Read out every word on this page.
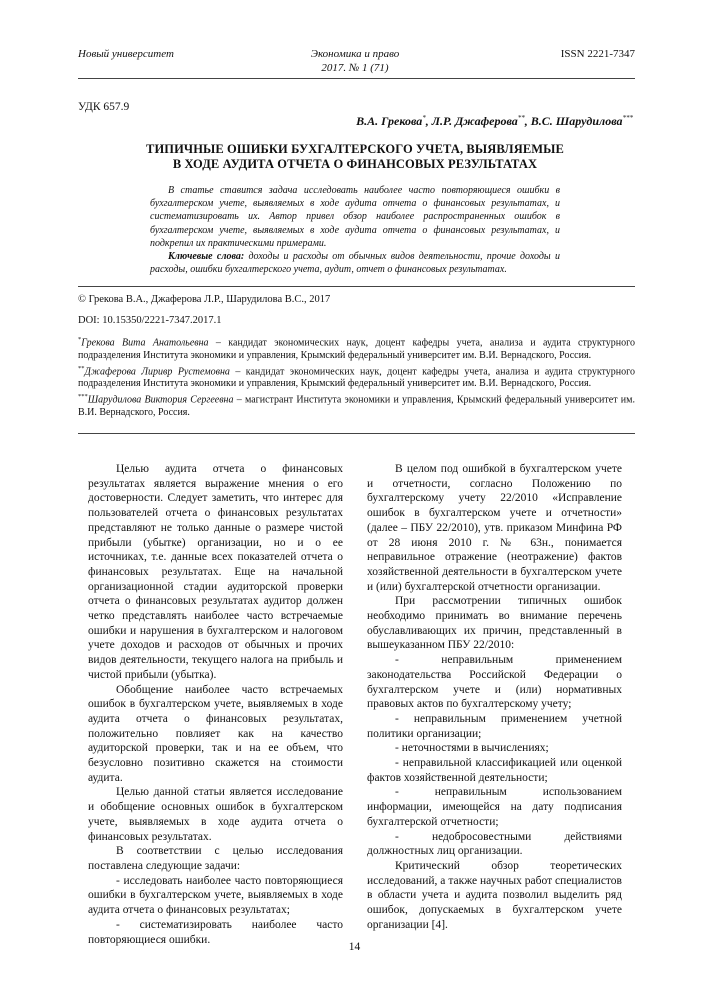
Новый университет	Экономика и право
2017. № 1 (71)
ISSN 2221-7347
УДК 657.9
В.А. Грекова*, Л.Р. Джаферова**, В.С. Шарудилова***
ТИПИЧНЫЕ ОШИБКИ БУХГАЛТЕРСКОГО УЧЕТА, ВЫЯВЛЯЕМЫЕ
В ХОДЕ АУДИТА ОТЧЕТА О ФИНАНСОВЫХ РЕЗУЛЬТАТАХ

В статье ставится задача исследовать наиболее часто повторяющиеся ошибки в бухгалтерском учете, выявляемых в ходе аудита отчета о финансовых результатах, и систематизировать их. Автор привел обзор наиболее распространенных ошибок в бухгалтерском учете, выявляемых в ходе аудита отчета о финансовых результатах, и подкрепил их практическими примерами.

Ключевые слова: доходы и расходы от обычных видов деятельности, прочие доходы и расходы, ошибки бухгалтерского учета, аудит, отчет о финансовых результатах.

© Грекова В.А., Джаферова Л.Р., Шарудилова В.С., 2017
DOI: 10.15350/2221-7347.2017.1

*Грекова Вита Анатольевна – кандидат экономических наук, доцент кафедры учета, анализа и аудита структурного подразделения Института экономики и управления, Крымский федеральный университет им. В.И. Вернадского, Россия.

**Джаферова Лиривр Рустемовна – кандидат экономических наук, доцент кафедры учета, анализа и аудита структурного подразделения Института экономики и управления, Крымский федеральный университет им. В.И. Вернадского, Россия.

***Шарудилова Виктория Сергеевна – магистрант Института экономики и управления, Крымский федеральный университет им. В.И. Вернадского, Россия.

Целью аудита отчета о финансовых результатах является выражение мнения о его достоверности. Следует заметить, что интерес для пользователей отчета о финансовых результатах представляют не только данные о размере чистой прибыли (убытке) организации, но и о ее источниках, т.е. данные всех показателей отчета о финансовых результатах. Еще на начальной организационной стадии аудиторской проверки отчета о финансовых результатах аудитор должен четко представлять наиболее часто встречаемые ошибки и нарушения в бухгалтерском и налоговом учете доходов и расходов от обычных и прочих видов деятельности, текущего налога на прибыль и чистой прибыли (убытка).

Обобщение наиболее часто встречаемых ошибок в бухгалтерском учете, выявляемых в ходе аудита отчета о финансовых результатах, положительно повлияет как на качество аудиторской проверки, так и на ее объем, что безусловно позитивно скажется на стоимости аудита.

Целью данной статьи является исследование и обобщение основных ошибок в бухгалтерском учете, выявляемых в ходе аудита отчета о финансовых результатах.

В соответствии с целью исследования поставлена следующие задачи:

- исследовать наиболее часто повторяющиеся ошибки в бухгалтерском учете, выявляемых в ходе аудита отчета о финансовых результатах;

- систематизировать наиболее часто повторяющиеся ошибки.

В целом под ошибкой в бухгалтерском учете и отчетности, согласно Положению по бухгалтерскому учету 22/2010 «Исправление ошибок в бухгалтерском учете и отчетности» (далее – ПБУ 22/2010), утв. приказом Минфина РФ от 28 июня 2010 г. № 63н., понимается неправильное отражение (неотражение) фактов хозяйственной деятельности в бухгалтерском учете и (или) бухгалтерской отчетности организации.

При рассмотрении типичных ошибок необходимо принимать во внимание перечень обуславливающих их причин, представленный в вышеуказанном ПБУ 22/2010:

- неправильным применением законодательства Российской Федерации о бухгалтерском учете и (или) нормативных правовых актов по бухгалтерскому учету;

- неправильным применением учетной политики организации;

- неточностями в вычислениях;

- неправильной классификацией или оценкой фактов хозяйственной деятельности;

- неправильным использованием информации, имеющейся на дату подписания бухгалтерской отчетности;

- недобросовестными действиями должностных лиц организации.

Критический обзор теоретических исследований, а также научных работ специалистов в области учета и аудита позволил выделить ряд ошибок, допускаемых в бухгалтерском учете организации [4].

14
